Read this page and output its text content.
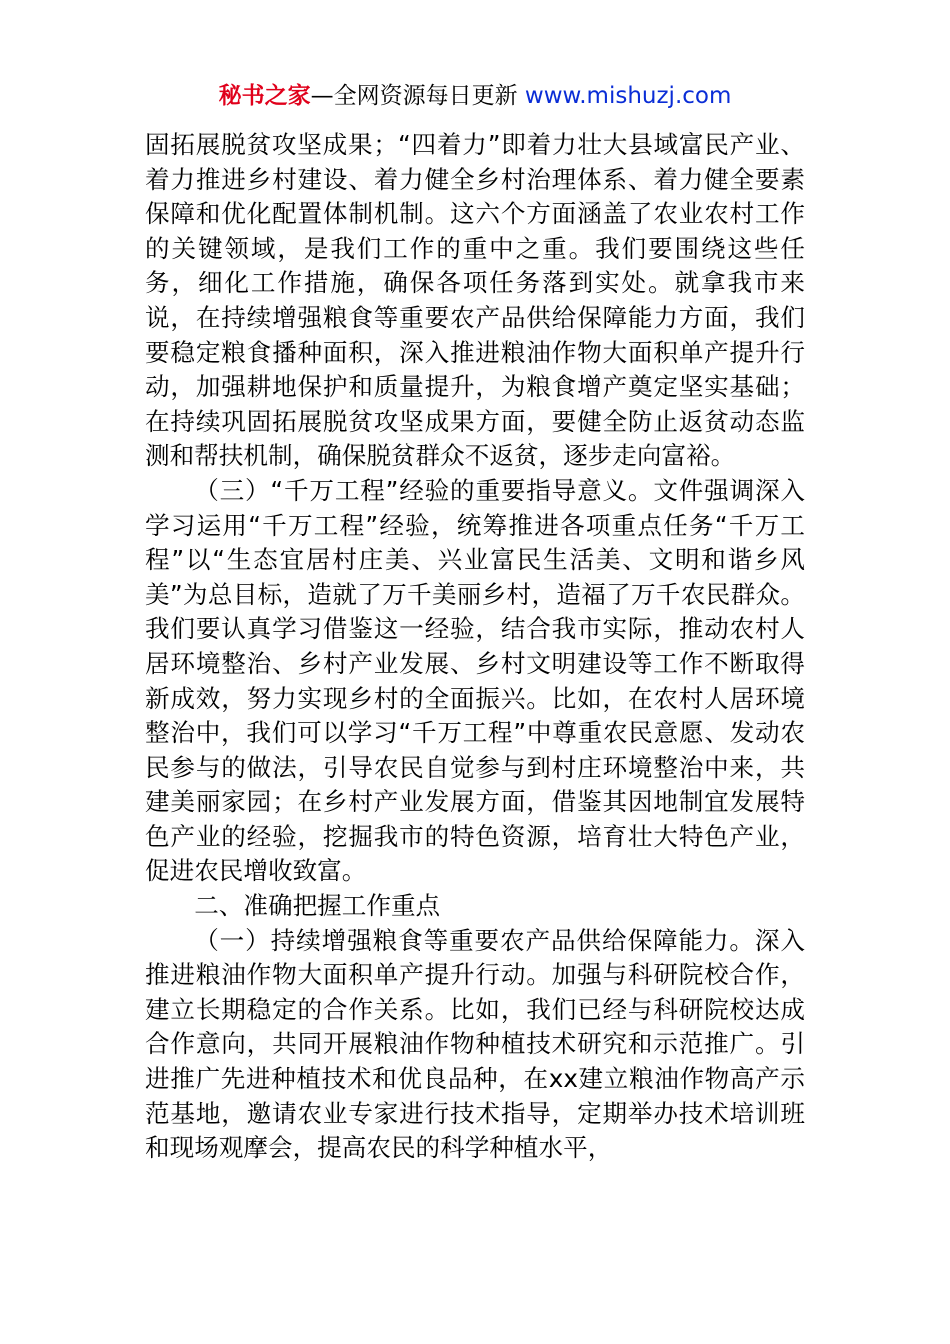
秘书之家—全网资源每日更新 www.mishuzj.com

固拓展脱贫攻坚成果；“四着力”即着力壮大县域富民产业、着力推进乡村建设、着力健全乡村治理体系、着力健全要素保障和优化配置体制机制。这六个方面涵盖了农业农村工作的关键领域，是我们工作的重中之重。我们要围绕这些任务，细化工作措施，确保各项任务落到实处。就拿我市来说，在持续增强粮食等重要农产品供给保障能力方面，我们要稳定粮食播种面积，深入推进粮油作物大面积单产提升行动，加强耕地保护和质量提升，为粮食增产奠定坚实基础；在持续巩固拓展脱贫攻坚成果方面，要健全防止返贫动态监测和帮扶机制，确保脱贫群众不返贫，逐步走向富裕。

（三）“千万工程”经验的重要指导意义。文件强调深入学习运用“千万工程”经验，统筹推进各项重点任务“千万工程”以“生态宜居村庄美、兴业富民生活美、文明和谐乡风美”为总目标，造就了万千美丽乡村，造福了万千农民群众。我们要认真学习借鉴这一经验，结合我市实际，推动农村人居环境整治、乡村产业发展、乡村文明建设等工作不断取得新成效，努力实现乡村的全面振兴。比如，在农村人居环境整治中，我们可以学习“千万工程”中尊重农民意愿、发动农民参与的做法，引导农民自觉参与到村庄环境整治中来，共建美丽家园；在乡村产业发展方面，借鉴其因地制宜发展特色产业的经验，挖掘我市的特色资源，培育壮大特色产业，促进农民增收致富。

二、准确把握工作重点

（一）持续增强粮食等重要农产品供给保障能力。深入推进粮油作物大面积单产提升行动。加强与科研院校合作，建立长期稳定的合作关系。比如，我们已经与科研院校达成合作意向，共同开展粮油作物种植技术研究和示范推广。引进推广先进种植技术和优良品种，在xx建立粮油作物高产示范基地，邀请农业专家进行技术指导，定期举办技术培训班和现场观摩会，提高农民的科学种植水平，
